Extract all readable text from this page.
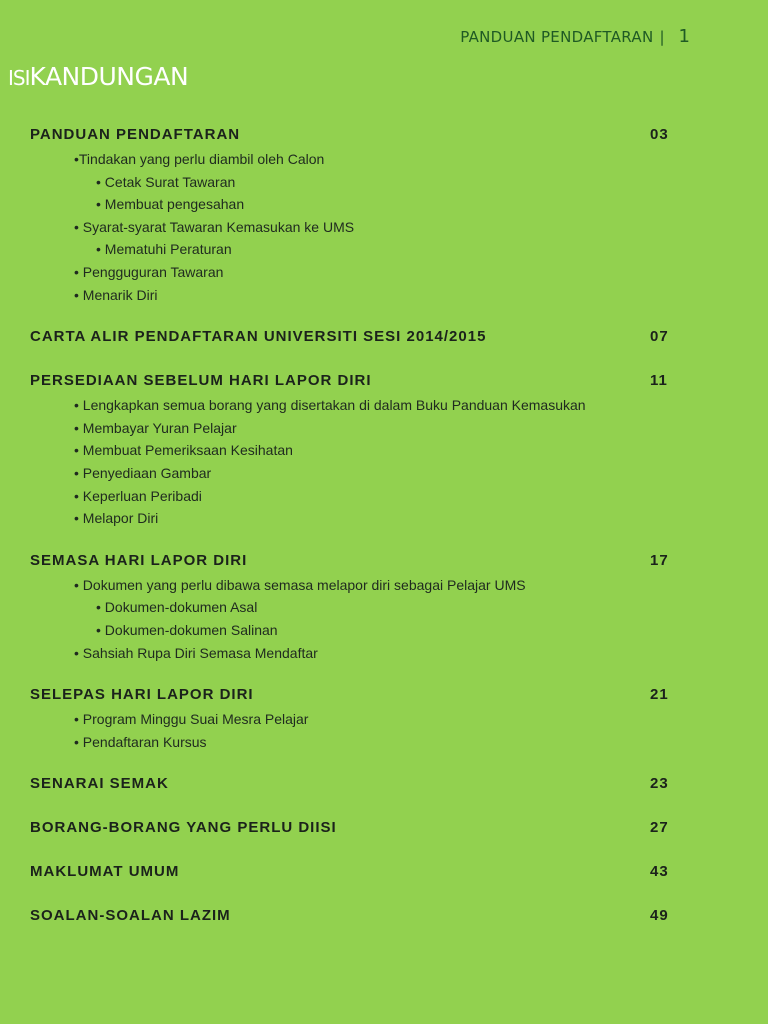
PANDUAN PENDAFTARAN | 1
ISIKANDUNGAN
PANDUAN PENDAFTARAN	03
•Tindakan yang perlu diambil oleh Calon
• Cetak Surat Tawaran
• Membuat pengesahan
• Syarat-syarat Tawaran Kemasukan ke UMS
• Mematuhi Peraturan
• Pengguguran Tawaran
• Menarik Diri
CARTA ALIR PENDAFTARAN UNIVERSITI SESI 2014/2015	07
PERSEDIAAN SEBELUM HARI LAPOR DIRI	11
• Lengkapkan semua borang yang disertakan di dalam Buku Panduan Kemasukan
• Membayar Yuran Pelajar
• Membuat Pemeriksaan Kesihatan
• Penyediaan Gambar
• Keperluan Peribadi
• Melapor Diri
SEMASA HARI LAPOR DIRI	17
• Dokumen yang perlu dibawa semasa melapor diri sebagai Pelajar UMS
• Dokumen-dokumen Asal
• Dokumen-dokumen Salinan
• Sahsiah Rupa Diri Semasa Mendaftar
SELEPAS HARI LAPOR DIRI	21
• Program Minggu Suai Mesra Pelajar
• Pendaftaran Kursus
SENARAI SEMAK	23
BORANG-BORANG YANG PERLU DIISI	27
MAKLUMAT UMUM	43
SOALAN-SOALAN LAZIM	49
